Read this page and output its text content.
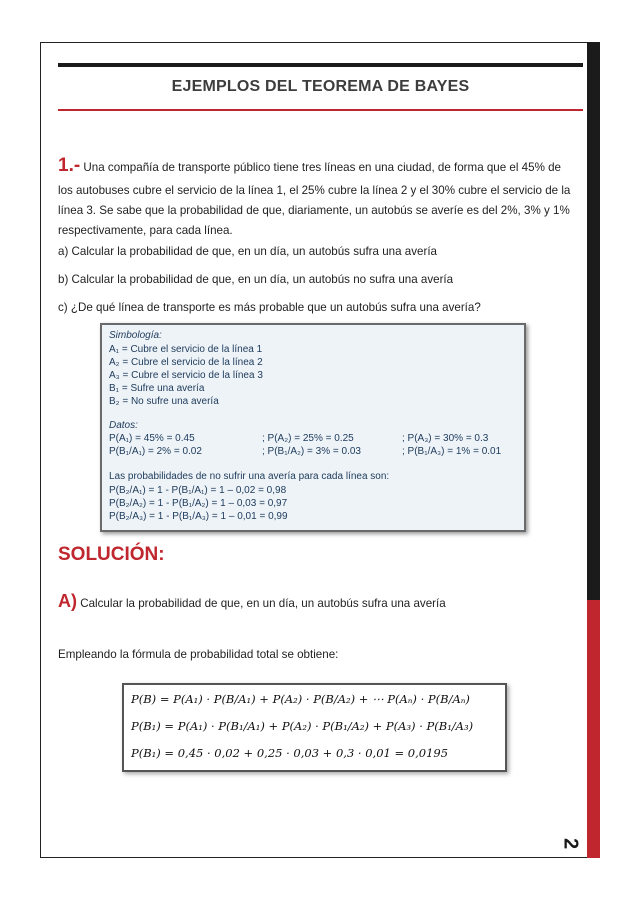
2
EJEMPLOS DEL TEOREMA DE BAYES
1.- Una compañía de transporte público tiene tres líneas en una ciudad, de forma que el 45% de
los autobuses cubre el servicio de la línea 1, el 25% cubre la línea 2 y el 30% cubre el servicio de la
línea 3. Se sabe que la probabilidad de que, diariamente, un autobús se averíe es del 2%, 3% y 1%
respectivamente, para cada línea.
a) Calcular la probabilidad de que, en un día, un autobús sufra una avería
b) Calcular la probabilidad de que, en un día, un autobús no sufra una avería
c) ¿De qué línea de transporte es más probable que un autobús sufra una avería?
Simbología:
A₁ = Cubre el servicio de la línea 1
A₂ = Cubre el servicio de la línea 2
A₃ = Cubre el servicio de la línea 3
B₁ = Sufre una avería
B₂ = No sufre una avería
Datos:
P(A₁) = 45% = 0.45	; P(A₂) = 25% = 0.25	; P(A₃) = 30% = 0.3
P(B₁/A₁) = 2% = 0.02	; P(B₁/A₂) = 3% = 0.03	; P(B₁/A₃) = 1% = 0.01
Las probabilidades de no sufrir una avería para cada línea son:
P(B₂/A₁) = 1 - P(B₁/A₁) = 1 – 0,02 = 0,98
P(B₂/A₂) = 1 - P(B₁/A₂) = 1 – 0,03 = 0,97
P(B₂/A₃) = 1 - P(B₁/A₃) = 1 – 0,01 = 0,99
SOLUCIÓN:
A) Calcular la probabilidad de que, en un día, un autobús sufra una avería
Empleando la fórmula de probabilidad total se obtiene:
P(B) = P(A₁) · P(B/A₁) + P(A₂) · P(B/A₂) + ⋯ P(Aₙ) · P(B/Aₙ)
P(B₁) = P(A₁) · P(B₁/A₁) + P(A₂) · P(B₁/A₂) + P(A₃) · P(B₁/A₃)
P(B₁) = 0,45 · 0,02 + 0,25 · 0,03 + 0,3 · 0,01 = 0,0195
